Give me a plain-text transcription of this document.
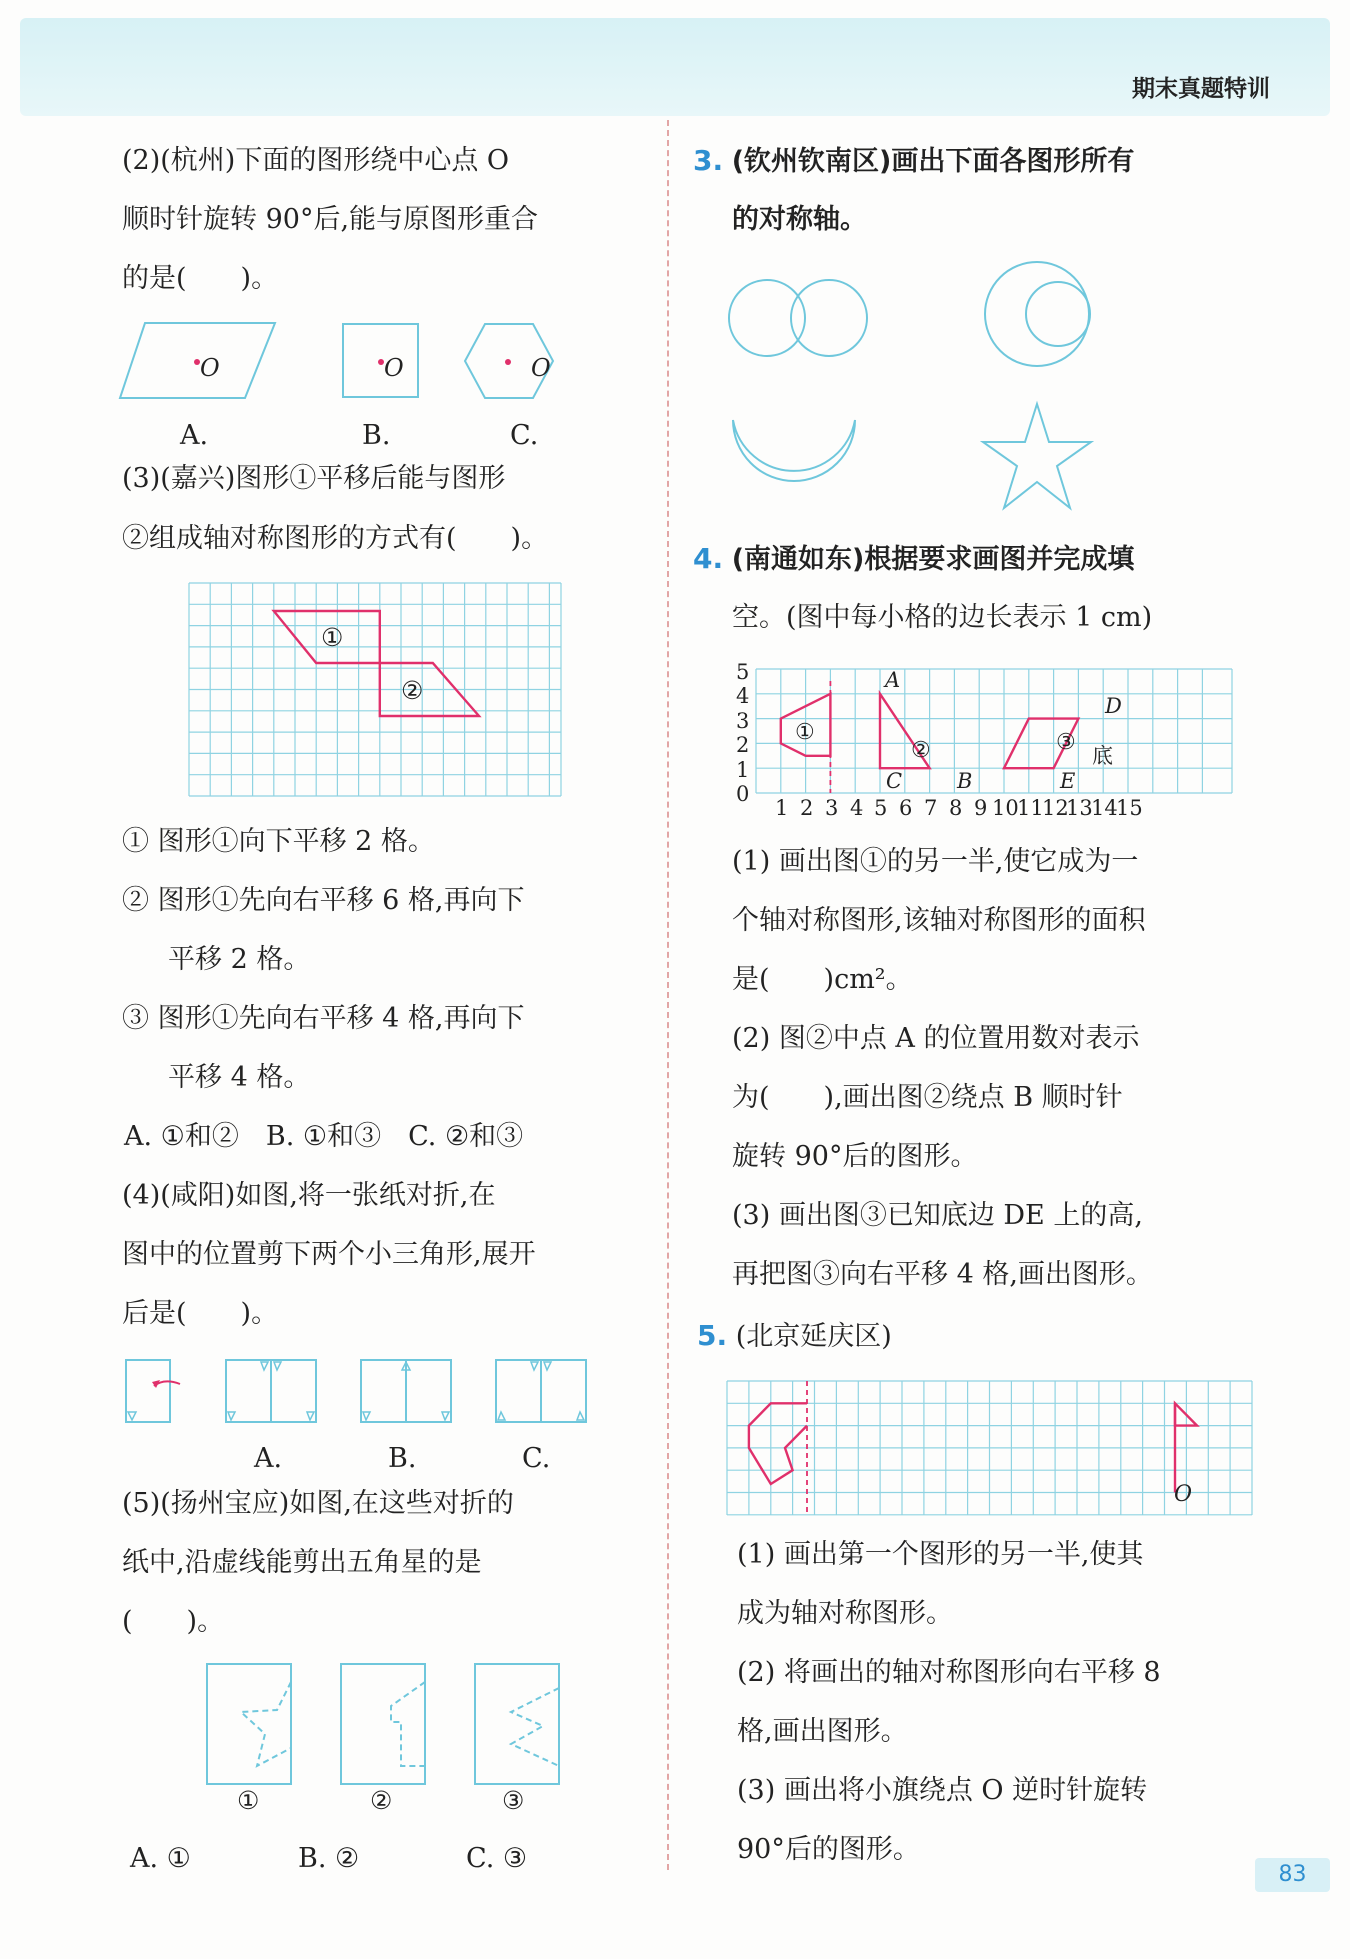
期末真题特训
(2)(杭州)下面的图形绕中心点 O
顺时针旋转 90°后,能与原图形重合
的是(　　)。
O	O	O
A.	B.	C.
(3)(嘉兴)图形①平移后能与图形
②组成轴对称图形的方式有(　　)。
①
②
① 图形①向下平移 2 格。
② 图形①先向右平移 6 格,再向下
平移 2 格。
③ 图形①先向右平移 4 格,再向下
平移 4 格。
A. ①和②　B. ①和③　C. ②和③
(4)(咸阳)如图,将一张纸对折,在
图中的位置剪下两个小三角形,展开
后是(　　)。
A.	B.	C.
(5)(扬州宝应)如图,在这些对折的
纸中,沿虚线能剪出五角星的是
(　　)。
①	②	③
A. ①	B. ②	C. ③
3. (钦州钦南区)画出下面各图形所有
的对称轴。
4. (南通如东)根据要求画图并完成填
空。(图中每小格的边长表示 1 cm)
5
4
3
2
1
0
A
C	B
D
E
底
①
②	③
1 2 3 4 5 6 7 8 9 10
11
12
13
14
15
(1) 画出图①的另一半,使它成为一
个轴对称图形,该轴对称图形的面积
是(　　)cm²。
(2) 图②中点 A 的位置用数对表示
为(　　),画出图②绕点 B 顺时针
旋转 90°后的图形。
(3) 画出图③已知底边 DE 上的高,
再把图③向右平移 4 格,画出图形。
5. (北京延庆区)
O
(1) 画出第一个图形的另一半,使其
成为轴对称图形。
(2) 将画出的轴对称图形向右平移 8
格,画出图形。
(3) 画出将小旗绕点 O 逆时针旋转
90°后的图形。
83
